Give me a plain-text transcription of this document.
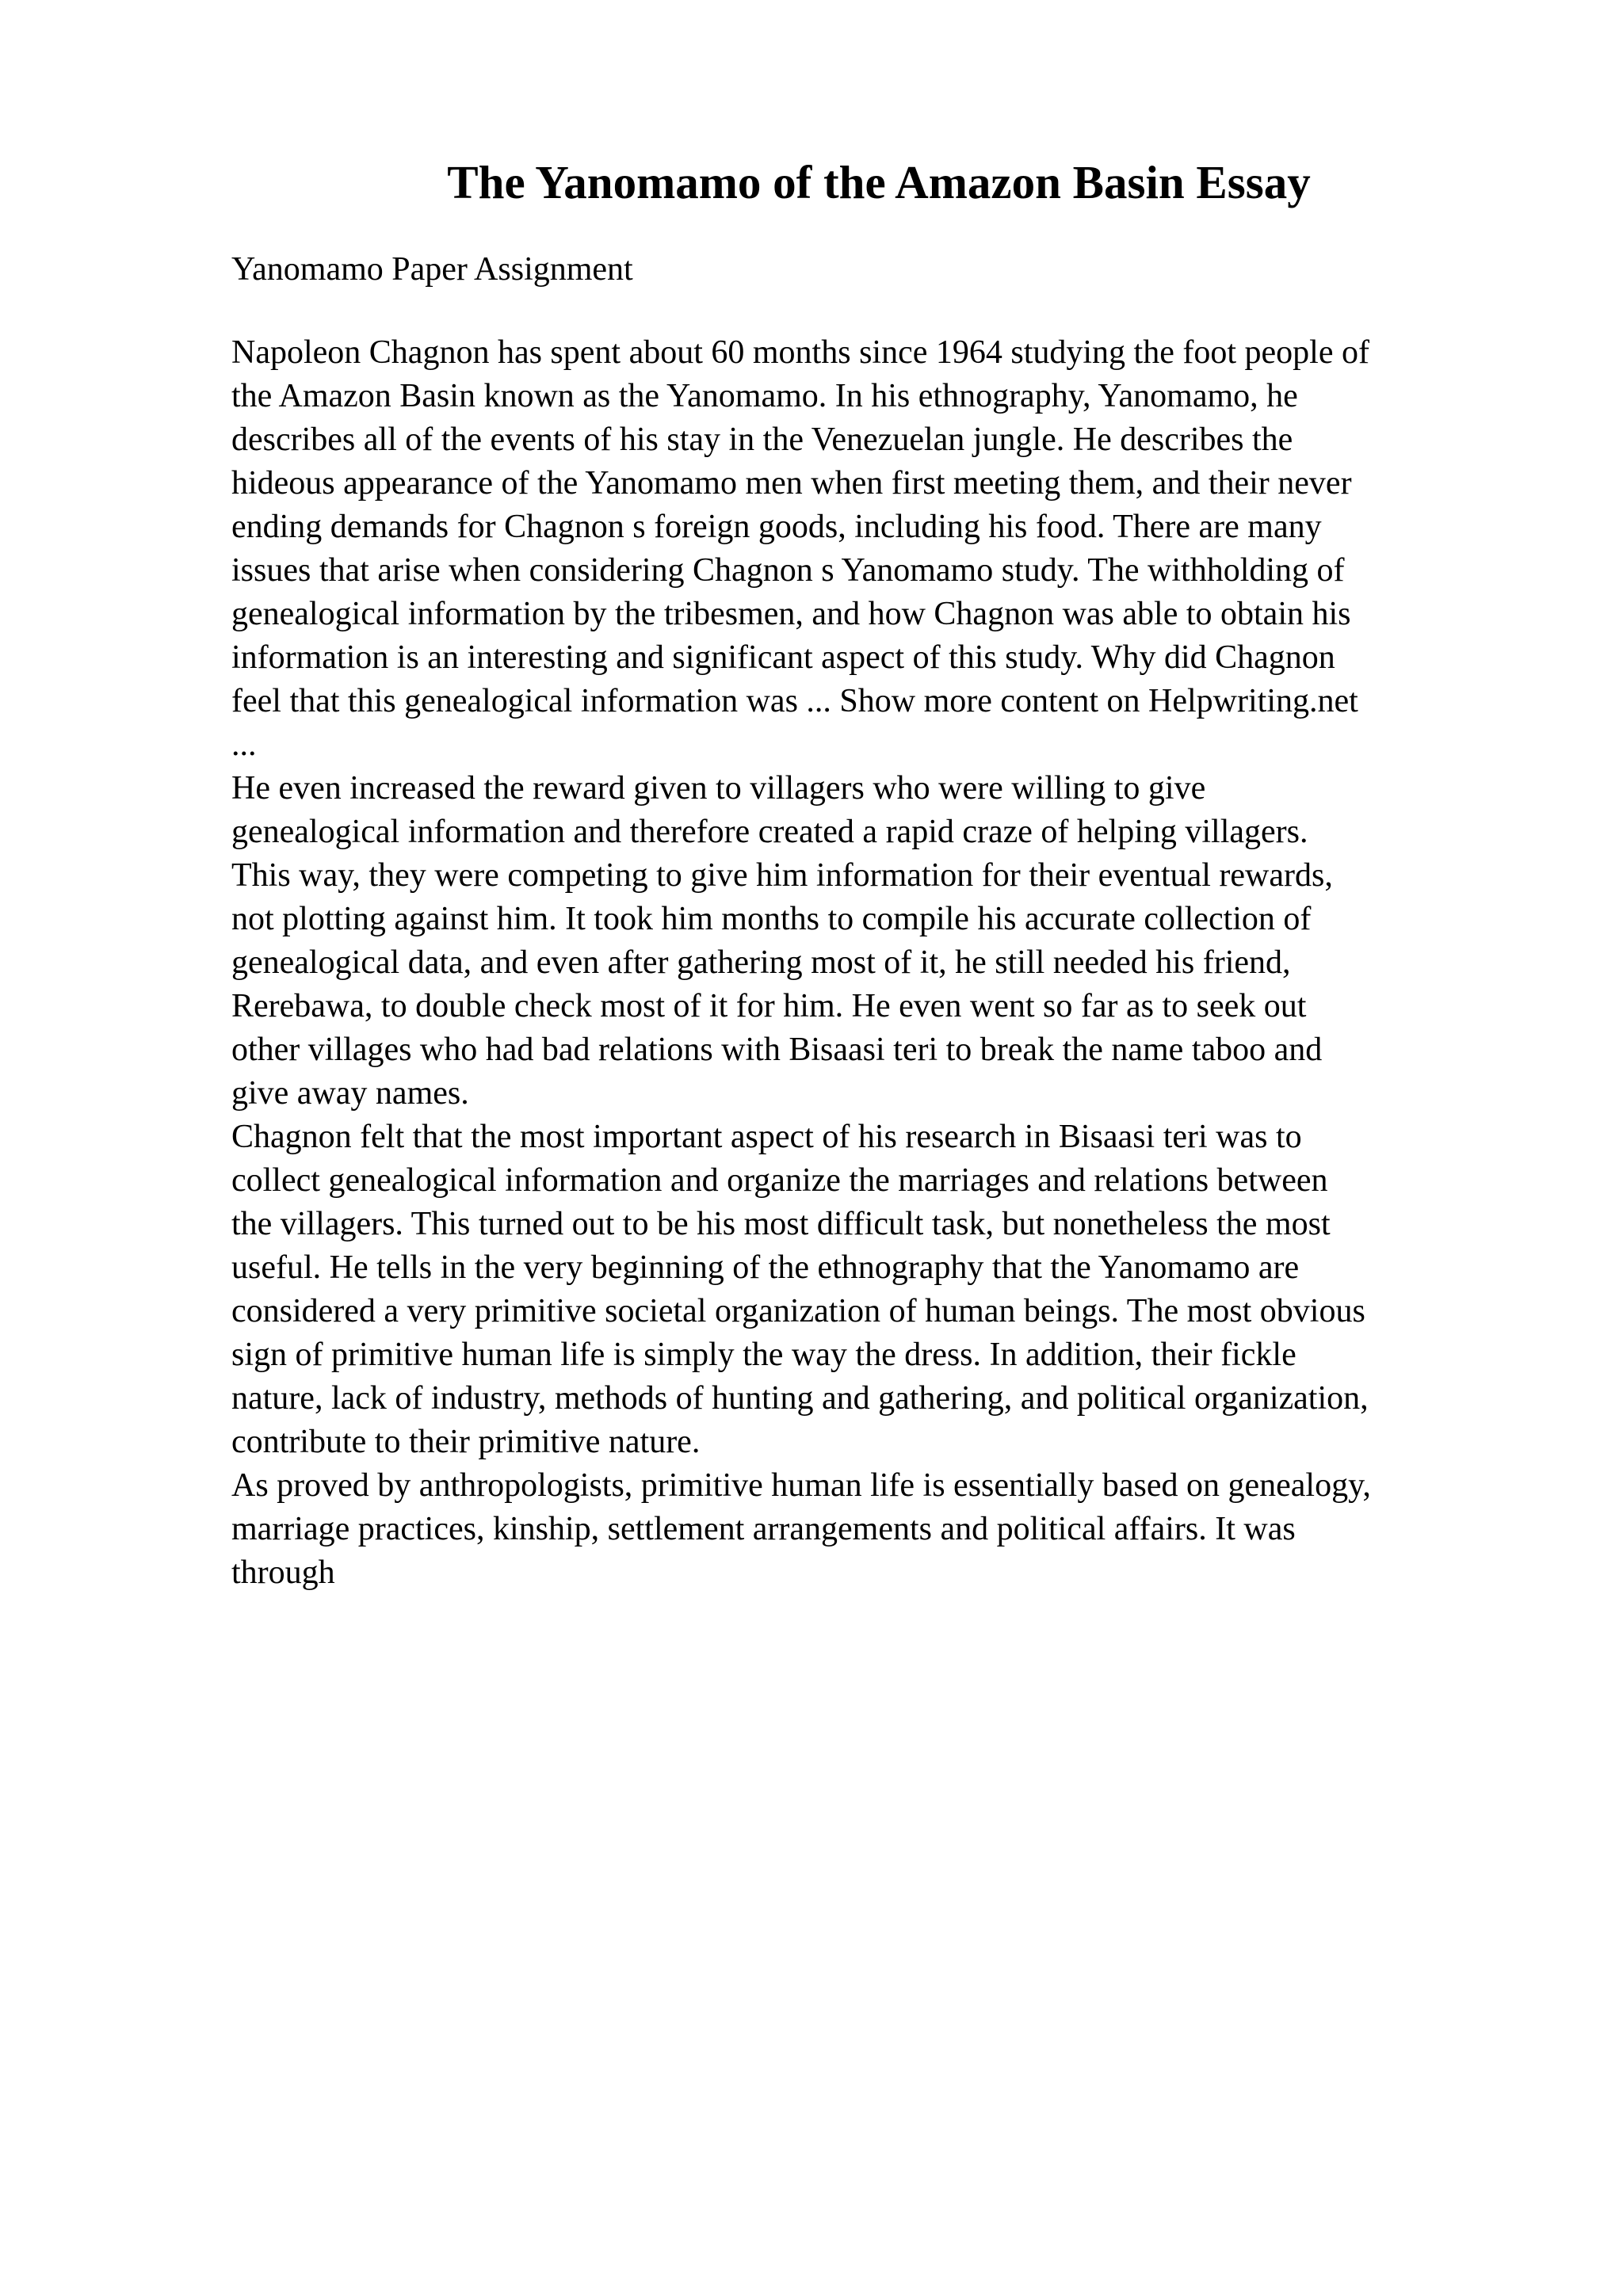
The Yanomamo of the Amazon Basin Essay
Yanomamo Paper Assignment
Napoleon Chagnon has spent about 60 months since 1964 studying the foot people of
the Amazon Basin known as the Yanomamo. In his ethnography, Yanomamo, he
describes all of the events of his stay in the Venezuelan jungle. He describes the
hideous appearance of the Yanomamo men when first meeting them, and their never
ending demands for Chagnon s foreign goods, including his food. There are many
issues that arise when considering Chagnon s Yanomamo study. The withholding of
genealogical information by the tribesmen, and how Chagnon was able to obtain his
information is an interesting and significant aspect of this study. Why did Chagnon
feel that this genealogical information was ... Show more content on Helpwriting.net
...
He even increased the reward given to villagers who were willing to give
genealogical information and therefore created a rapid craze of helping villagers.
This way, they were competing to give him information for their eventual rewards,
not plotting against him. It took him months to compile his accurate collection of
genealogical data, and even after gathering most of it, he still needed his friend,
Rerebawa, to double check most of it for him. He even went so far as to seek out
other villages who had bad relations with Bisaasi teri to break the name taboo and
give away names.
Chagnon felt that the most important aspect of his research in Bisaasi teri was to
collect genealogical information and organize the marriages and relations between
the villagers. This turned out to be his most difficult task, but nonetheless the most
useful. He tells in the very beginning of the ethnography that the Yanomamo are
considered a very primitive societal organization of human beings. The most obvious
sign of primitive human life is simply the way the dress. In addition, their fickle
nature, lack of industry, methods of hunting and gathering, and political organization,
contribute to their primitive nature.
As proved by anthropologists, primitive human life is essentially based on genealogy,
marriage practices, kinship, settlement arrangements and political affairs. It was
through
